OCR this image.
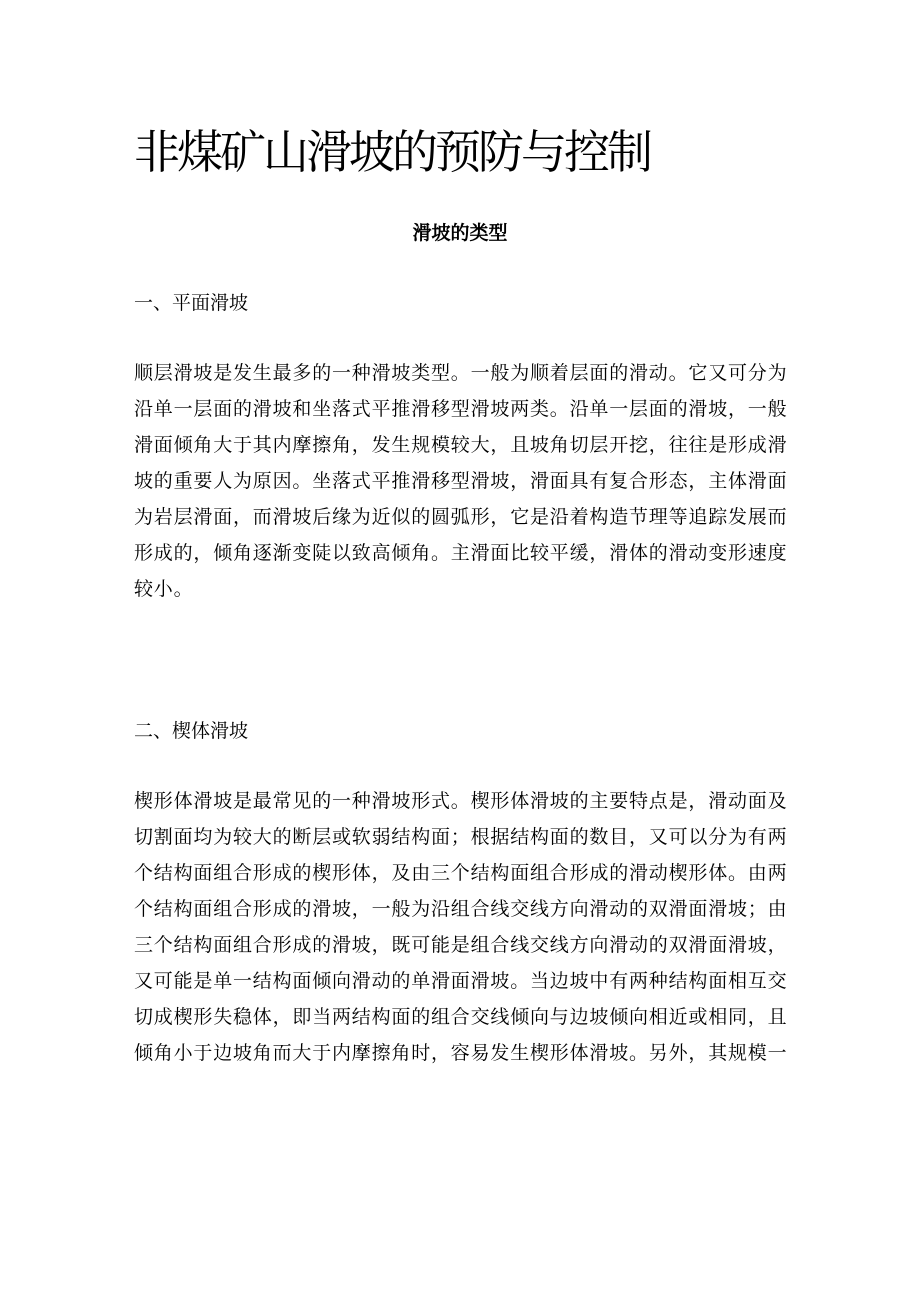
非煤矿山滑坡的预防与控制
滑坡的类型
一、平面滑坡
顺层滑坡是发生最多的一种滑坡类型。一般为顺着层面的滑动。它又可分为
沿单一层面的滑坡和坐落式平推滑移型滑坡两类。沿单一层面的滑坡，一般
滑面倾角大于其内摩擦角，发生规模较大，且坡角切层开挖，往往是形成滑
坡的重要人为原因。坐落式平推滑移型滑坡，滑面具有复合形态，主体滑面
为岩层滑面，而滑坡后缘为近似的圆弧形，它是沿着构造节理等追踪发展而
形成的，倾角逐渐变陡以致高倾角。主滑面比较平缓，滑体的滑动变形速度
较小。
二、楔体滑坡
楔形体滑坡是最常见的一种滑坡形式。楔形体滑坡的主要特点是，滑动面及
切割面均为较大的断层或软弱结构面；根据结构面的数目，又可以分为有两
个结构面组合形成的楔形体，及由三个结构面组合形成的滑动楔形体。由两
个结构面组合形成的滑坡，一般为沿组合线交线方向滑动的双滑面滑坡；由
三个结构面组合形成的滑坡，既可能是组合线交线方向滑动的双滑面滑坡，
又可能是单一结构面倾向滑动的单滑面滑坡。当边坡中有两种结构面相互交
切成楔形失稳体，即当两结构面的组合交线倾向与边坡倾向相近或相同，且
倾角小于边坡角而大于内摩擦角时，容易发生楔形体滑坡。另外，其规模一
